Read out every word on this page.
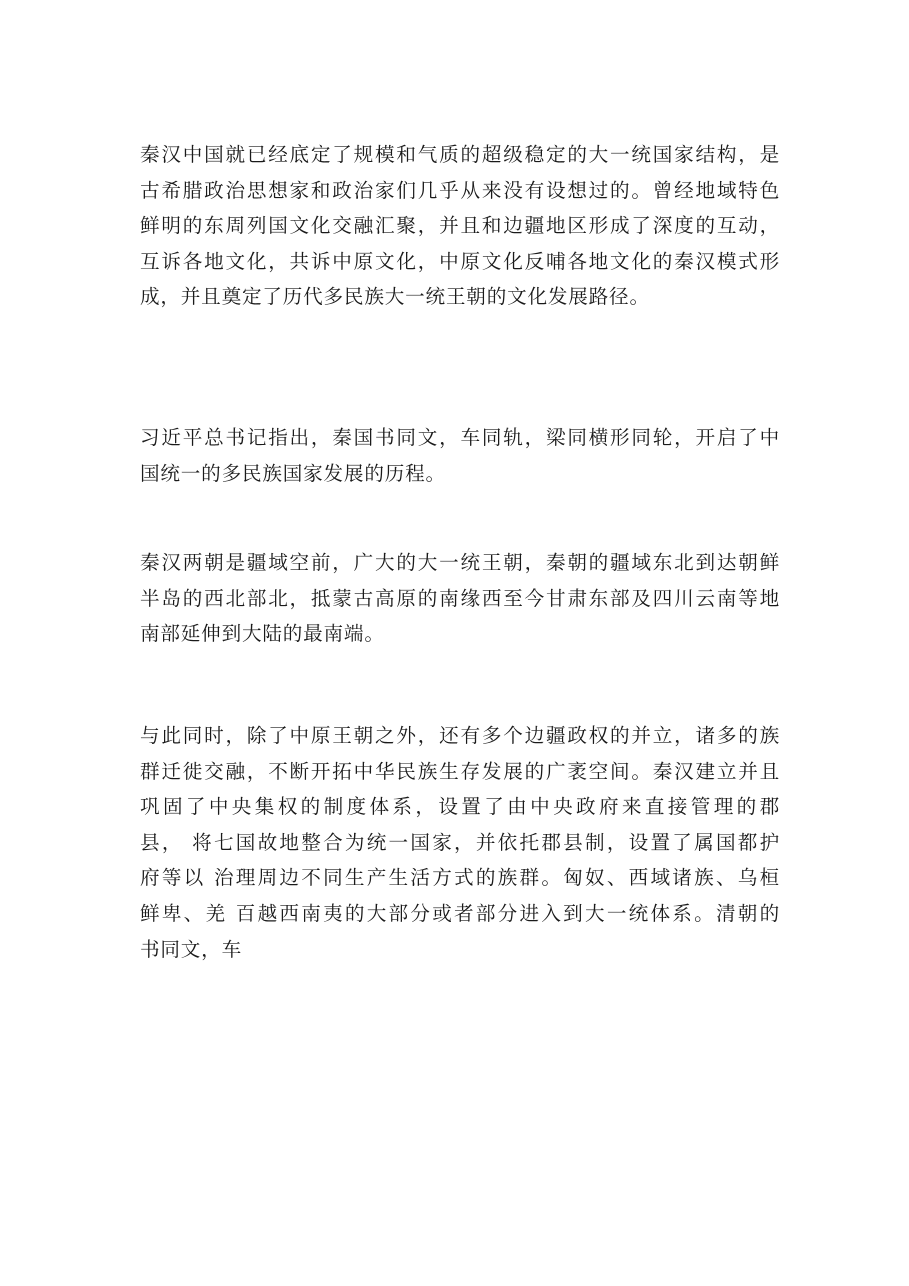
秦汉中国就已经底定了规模和气质的超级稳定的大一统国家结构，是
古希腊政治思想家和政治家们几乎从来没有设想过的。曾经地域特色
鲜明的东周列国文化交融汇聚，并且和边疆地区形成了深度的互动，
互诉各地文化，共诉中原文化，中原文化反哺各地文化的秦汉模式形
成，并且奠定了历代多民族大一统王朝的文化发展路径。
习近平总书记指出，秦国书同文，车同轨，梁同横形同轮，开启了中
国统一的多民族国家发展的历程。
秦汉两朝是疆域空前，广大的大一统王朝，秦朝的疆域东北到达朝鲜
半岛的西北部北，抵蒙古高原的南缘西至今甘肃东部及四川云南等地
南部延伸到大陆的最南端。
与此同时，除了中原王朝之外，还有多个边疆政权的并立，诸多的族
群迁徙交融，不断开拓中华民族生存发展的广袤空间。秦汉建立并且
巩固了中央集权的制度体系，设置了由中央政府来直接管理的郡
县， 将七国故地整合为统一国家，并依托郡县制，设置了属国都护
府等以 治理周边不同生产生活方式的族群。匈奴、西域诸族、乌桓
鲜卑、羌 百越西南夷的大部分或者部分进入到大一统体系。清朝的
书同文，车
